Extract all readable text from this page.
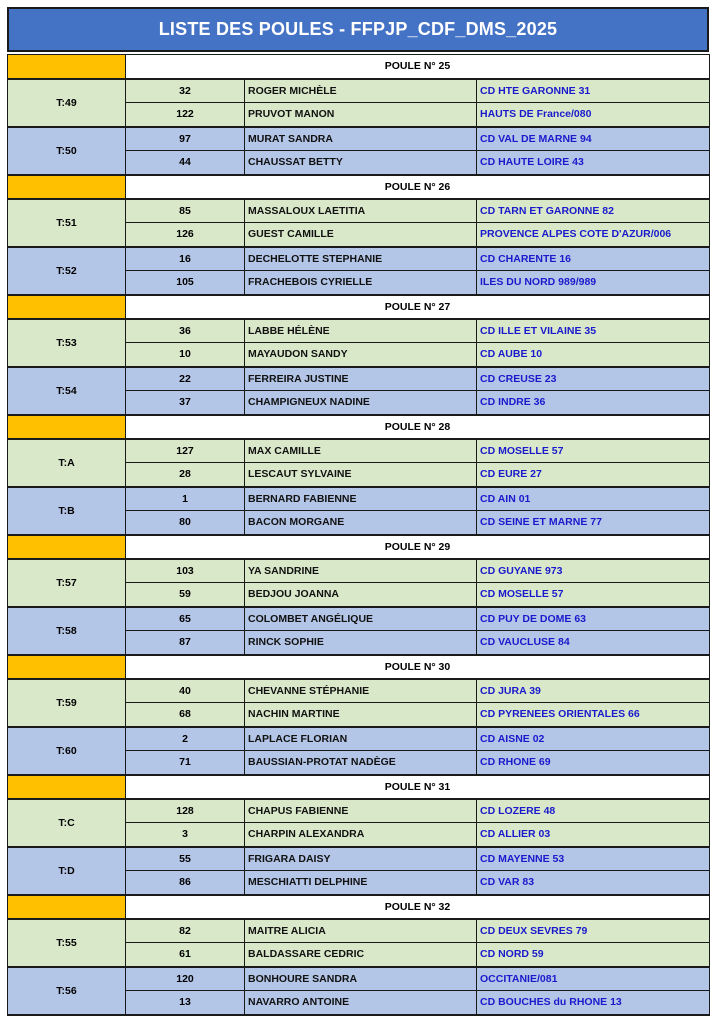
LISTE DES POULES - FFPJP_CDF_DMS_2025
	POULE N° 25		
T:49	32	ROGER MICHÈLE	CD HTE GARONNE 31
	122	PRUVOT MANON	HAUTS DE France/080
T:50	97	MURAT SANDRA	CD VAL DE MARNE 94
	44	CHAUSSAT BETTY	CD HAUTE LOIRE 43
	POULE N° 26		
T:51	85	MASSALOUX LAETITIA	CD TARN ET GARONNE 82
	126	GUEST CAMILLE	PROVENCE ALPES COTE D'AZUR/006
T:52	16	DECHELOTTE STEPHANIE	CD CHARENTE 16
	105	FRACHEBOIS CYRIELLE	ILES DU NORD 989/989
	POULE N° 27		
T:53	36	LABBE HÉLÈNE	CD ILLE ET VILAINE 35
	10	MAYAUDON SANDY	CD AUBE 10
T:54	22	FERREIRA JUSTINE	CD CREUSE 23
	37	CHAMPIGNEUX NADINE	CD INDRE 36
	POULE N° 28		
T:A	127	MAX CAMILLE	CD MOSELLE 57
	28	LESCAUT SYLVAINE	CD EURE 27
T:B	1	BERNARD FABIENNE	CD AIN 01
	80	BACON MORGANE	CD SEINE ET MARNE 77
	POULE N° 29		
T:57	103	YA SANDRINE	CD GUYANE 973
	59	BEDJOU JOANNA	CD MOSELLE 57
T:58	65	COLOMBET ANGÉLIQUE	CD PUY DE DOME 63
	87	RINCK SOPHIE	CD VAUCLUSE 84
	POULE N° 30		
T:59	40	CHEVANNE STÉPHANIE	CD JURA 39
	68	NACHIN MARTINE	CD PYRENEES ORIENTALES 66
T:60	2	LAPLACE FLORIAN	CD AISNE 02
	71	BAUSSIAN-PROTAT NADÈGE	CD RHONE 69
	POULE N° 31		
T:C	128	CHAPUS FABIENNE	CD LOZERE 48
	3	CHARPIN ALEXANDRA	CD ALLIER 03
T:D	55	FRIGARA DAISY	CD MAYENNE 53
	86	MESCHIATTI DELPHINE	CD VAR 83
	POULE N° 32		
T:55	82	MAITRE ALICIA	CD DEUX SEVRES 79
	61	BALDASSARE CEDRIC	CD NORD 59
T:56	120	BONHOURE SANDRA	OCCITANIE/081
	13	NAVARRO ANTOINE	CD BOUCHES du RHONE 13
